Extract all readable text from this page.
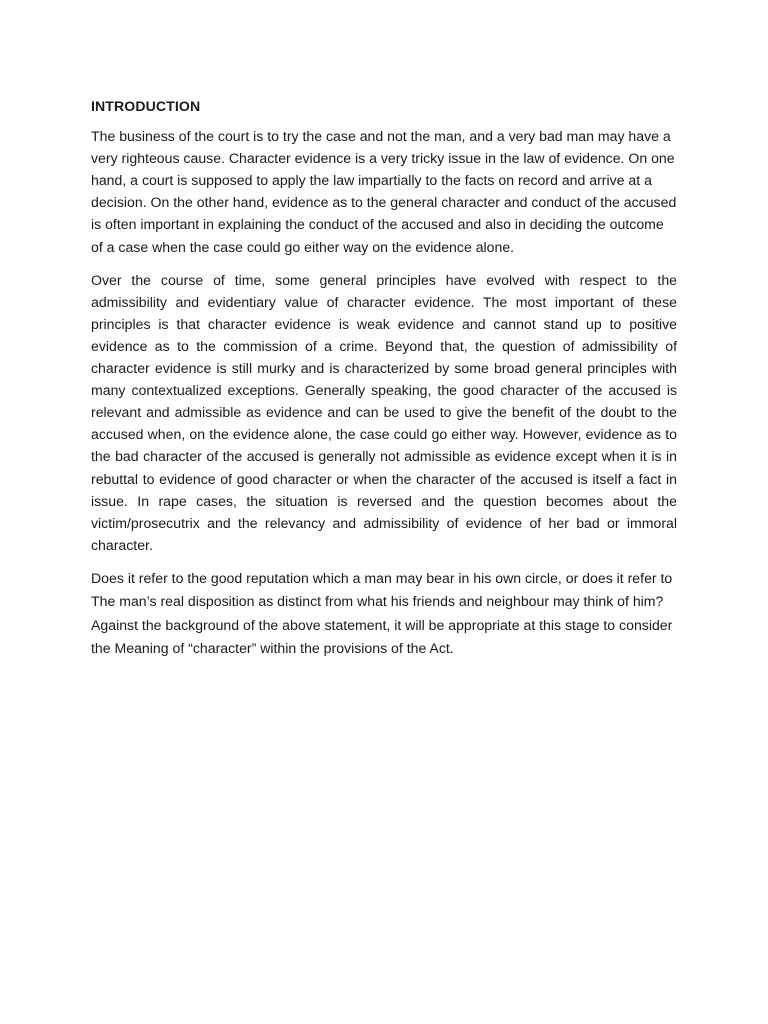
INTRODUCTION

The business of the court is to try the case and not the man, and a very bad man may have a very righteous cause. Character evidence is a very tricky issue in the law of evidence. On one hand, a court is supposed to apply the law impartially to the facts on record and arrive at a decision. On the other hand, evidence as to the general character and conduct of the accused is often important in explaining the conduct of the accused and also in deciding the outcome of a case when the case could go either way on the evidence alone.

Over the course of time, some general principles have evolved with respect to the admissibility and evidentiary value of character evidence. The most important of these principles is that character evidence is weak evidence and cannot stand up to positive evidence as to the commission of a crime. Beyond that, the question of admissibility of character evidence is still murky and is characterized by some broad general principles with many contextualized exceptions. Generally speaking, the good character of the accused is relevant and admissible as evidence and can be used to give the benefit of the doubt to the accused when, on the evidence alone, the case could go either way. However, evidence as to the bad character of the accused is generally not admissible as evidence except when it is in rebuttal to evidence of good character or when the character of the accused is itself a fact in issue. In rape cases, the situation is reversed and the question becomes about the victim/prosecutrix and the relevancy and admissibility of evidence of her bad or immoral character.

Does it refer to the good reputation which a man may bear in his own circle, or does it refer to The man’s real disposition as distinct from what his friends and neighbour may think of him? Against the background of the above statement, it will be appropriate at this stage to consider the Meaning of “character” within the provisions of the Act.
